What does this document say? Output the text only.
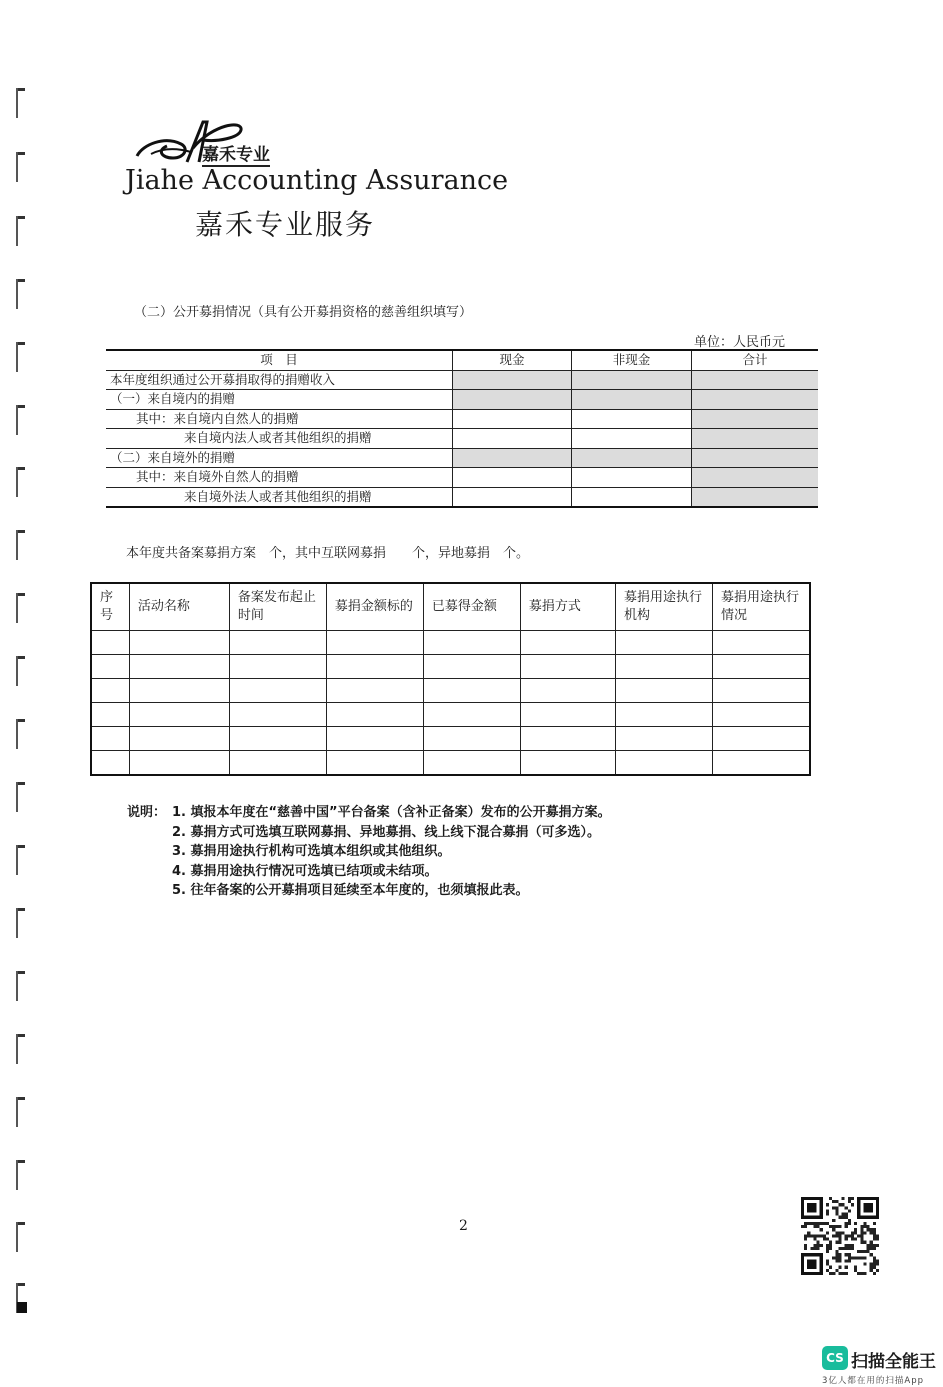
嘉禾专业
Jiahe Accounting Assurance
嘉禾专业服务
（二）公开募捐情况（具有公开募捐资格的慈善组织填写）
单位：人民币元
项　目	现金	非现金	合计
本年度组织通过公开募捐取得的捐赠收入			
（一）来自境内的捐赠			
其中：来自境内自然人的捐赠			
来自境内法人或者其他组织的捐赠			
（二）来自境外的捐赠			
其中：来自境外自然人的捐赠			
来自境外法人或者其他组织的捐赠			
本年度共备案募捐方案　个，其中互联网募捐　　个，异地募捐　个。
序号	活动名称	备案发布起止时间	募捐金额标的	已募得金额	募捐方式	募捐用途执行机构	募捐用途执行情况

说明： 1. 填报本年度在“慈善中国”平台备案（含补正备案）发布的公开募捐方案。
2. 募捐方式可选填互联网募捐、异地募捐、线上线下混合募捐（可多选）。
3. 募捐用途执行机构可选填本组织或其他组织。
4. 募捐用途执行情况可选填已结项或未结项。
5. 往年备案的公开募捐项目延续至本年度的，也须填报此表。
2
CS 扫描全能王
3亿人都在用的扫描App
